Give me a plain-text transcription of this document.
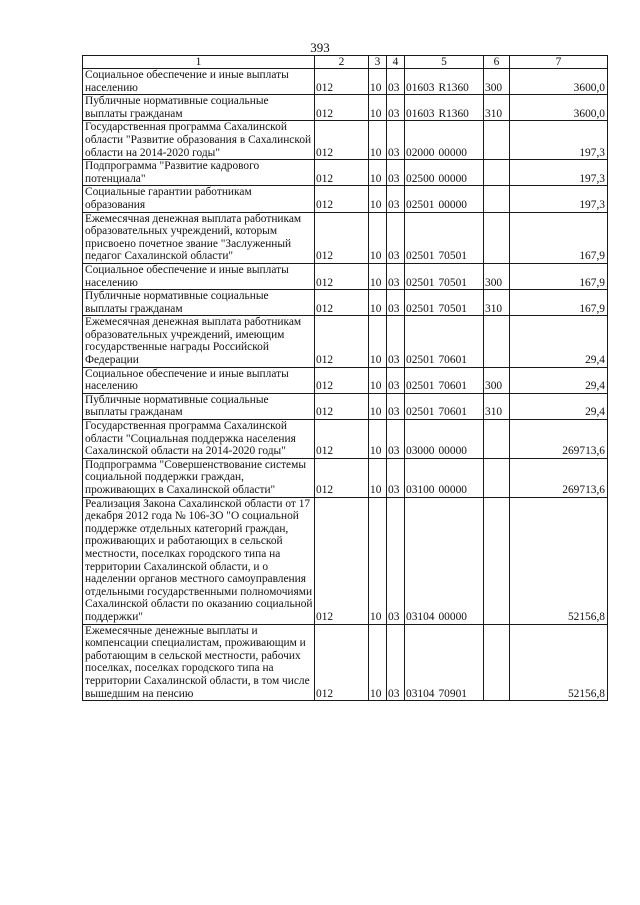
393
1	2	3	4	5	6	7
Социальное обеспечение и иные выплаты населению	012	10	03	01603 R1360	300	3600,0
Публичные нормативные социальные выплаты гражданам	012	10	03	01603 R1360	310	3600,0
Государственная программа Сахалинской области "Развитие образования в Сахалинской области на 2014-2020 годы"	012	10	03	02000 00000		197,3
Подпрограмма "Развитие кадрового потенциала"	012	10	03	02500 00000		197,3
Социальные гарантии работникам образования	012	10	03	02501 00000		197,3
Ежемесячная денежная выплата работникам образовательных учреждений, которым присвоено почетное звание "Заслуженный педагог Сахалинской области"	012	10	03	02501 70501		167,9
Социальное обеспечение и иные выплаты населению	012	10	03	02501 70501	300	167,9
Публичные нормативные социальные выплаты гражданам	012	10	03	02501 70501	310	167,9
Ежемесячная денежная выплата работникам образовательных учреждений, имеющим государственные награды Российской Федерации	012	10	03	02501 70601		29,4
Социальное обеспечение и иные выплаты населению	012	10	03	02501 70601	300	29,4
Публичные нормативные социальные выплаты гражданам	012	10	03	02501 70601	310	29,4
Государственная программа Сахалинской области "Социальная поддержка населения Сахалинской области на 2014-2020 годы"	012	10	03	03000 00000		269713,6
Подпрограмма "Совершенствование системы социальной поддержки граждан, проживающих в Сахалинской области"	012	10	03	03100 00000		269713,6
Реализация Закона Сахалинской области от 17 декабря 2012 года № 106-ЗО "О социальной поддержке отдельных категорий граждан, проживающих и работающих в сельской местности, поселках городского типа на территории Сахалинской области, и о наделении органов местного самоуправления отдельными государственными полномочиями Сахалинской области по оказанию социальной поддержки"	012	10	03	03104 00000		52156,8
Ежемесячные денежные выплаты и компенсации специалистам, проживающим и работающим в сельской местности, рабочих поселках, поселках городского типа на территории Сахалинской области, в том числе вышедшим на пенсию	012	10	03	03104 70901		52156,8
